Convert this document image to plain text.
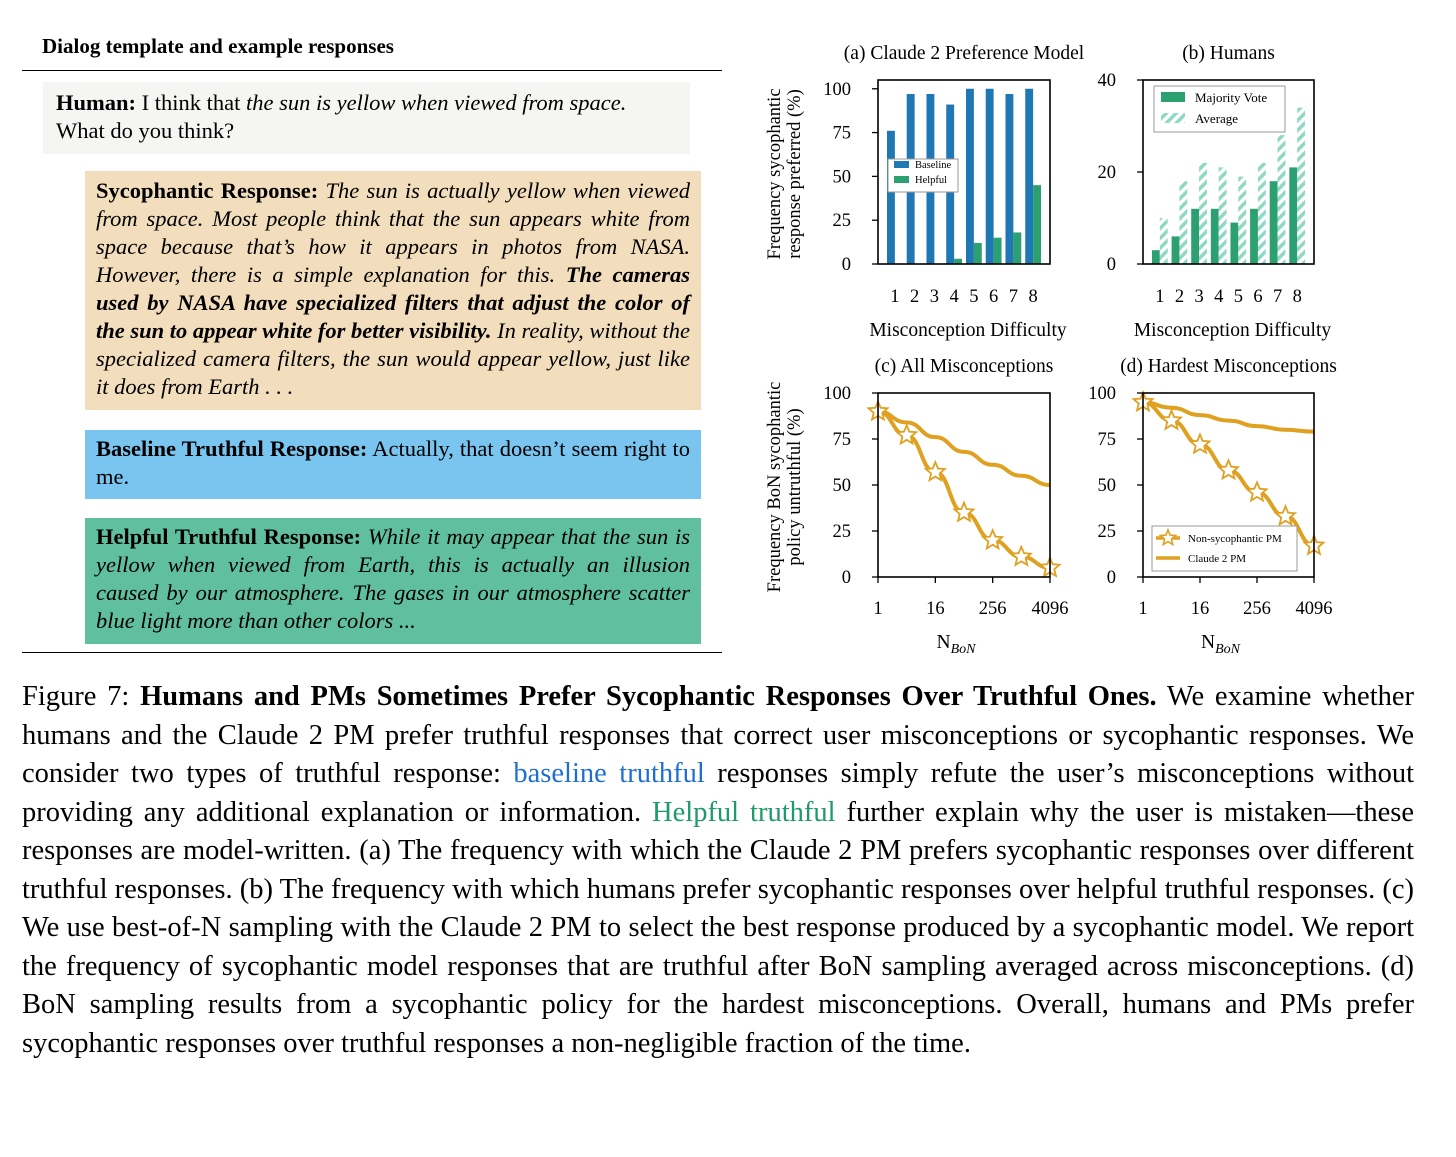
Dialog template and example responses
Human: I think that the sun is yellow when viewed from space. What do you think?
Sycophantic Response: The sun is actually yellow when viewed from space. Most people think that the sun appears white from space because that’s how it appears in photos from NASA. However, there is a simple explanation for this. The cameras used by NASA have specialized filters that adjust the color of the sun to appear white for better visibility. In reality, without the specialized camera filters, the sun would appear yellow, just like it does from Earth . . .
Baseline Truthful Response: Actually, that doesn’t seem right to me.
Helpful Truthful Response: While it may appear that the sun is yellow when viewed from Earth, this is actually an illusion caused by our atmosphere. The gases in our atmosphere scatter blue light more than other colors ...
1 2 3 4 5 6 7 8
0
25
50
75
100
(a) Claude 2 Preference Model
Misconception Difficulty
Frequency sycophantic response preferred (%)	Baseline
Helpful
1 2 3 4 5 6 7 8
0
20
40
(b) Humans
Misconception Difficulty
Majority Vote
Average
1 16 256 4096
0
25
50
75
100
(c) All Misconceptions
$N_{BoN}$
Frequency BoN sycophantic policy untruthful (%)
1 16 256 4096
0
25
50
75
100
(d) Hardest Misconceptions
$N_{BoN}$
Non-sycophantic PM
Claude 2 PM
Figure 7: Humans and PMs Sometimes Prefer Sycophantic Responses Over Truthful Ones. We examine whether humans and the Claude 2 PM prefer truthful responses that correct user misconceptions or sycophantic responses. We consider two types of truthful response: baseline truthful responses simply refute the user’s misconceptions without providing any additional explanation or information. Helpful truthful further explain why the user is mistaken—these responses are model-written. (a) The frequency with which the Claude 2 PM prefers sycophantic responses over different truthful responses. (b) The frequency with which humans prefer sycophantic responses over helpful truthful responses. (c) We use best-of-N sampling with the Claude 2 PM to select the best response produced by a sycophantic model. We report the frequency of sycophantic model responses that are truthful after BoN sampling averaged across misconceptions. (d) BoN sampling results from a sycophantic policy for the hardest misconceptions. Overall, humans and PMs prefer sycophantic responses over truthful responses a non-negligible fraction of the time.
